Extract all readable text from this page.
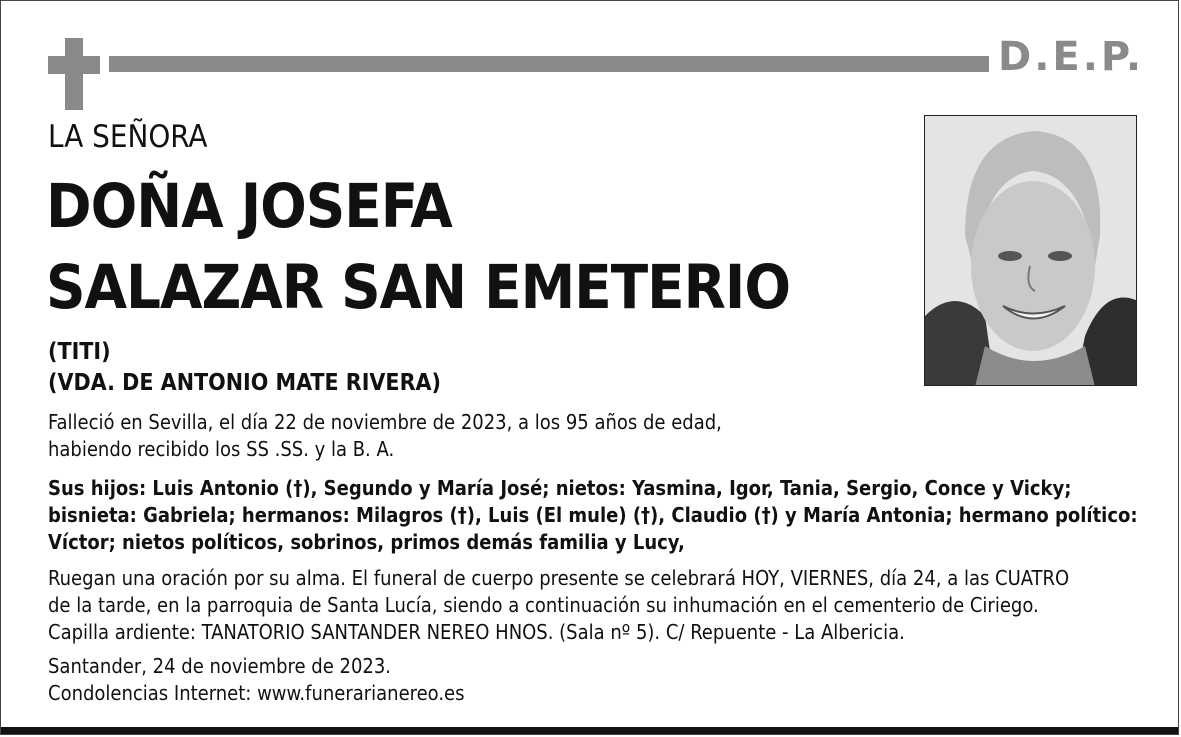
D.E.P.
LA SEÑORA
DOÑA JOSEFA
SALAZAR SAN EMETERIO
(TITI)
(VDA. DE ANTONIO MATE RIVERA)
Falleció en Sevilla, el día 22 de noviembre de 2023, a los 95 años de edad,
habiendo recibido los SS .SS. y la B. A.
Sus hijos: Luis Antonio (†), Segundo y María José; nietos: Yasmina, Igor, Tania, Sergio, Conce y Vicky;
bisnieta: Gabriela; hermanos: Milagros (†), Luis (El mule) (†), Claudio (†) y María Antonia; hermano político:
Víctor; nietos políticos, sobrinos, primos demás familia y Lucy,
Ruegan una oración por su alma. El funeral de cuerpo presente se celebrará HOY, VIERNES, día 24, a las CUATRO
de la tarde, en la parroquia de Santa Lucía, siendo a continuación su inhumación en el cementerio de Ciriego.
Capilla ardiente: TANATORIO SANTANDER NEREO HNOS. (Sala nº 5). C/ Repuente - La Albericia.
Santander, 24 de noviembre de 2023.
Condolencias Internet: www.funerarianereo.es
